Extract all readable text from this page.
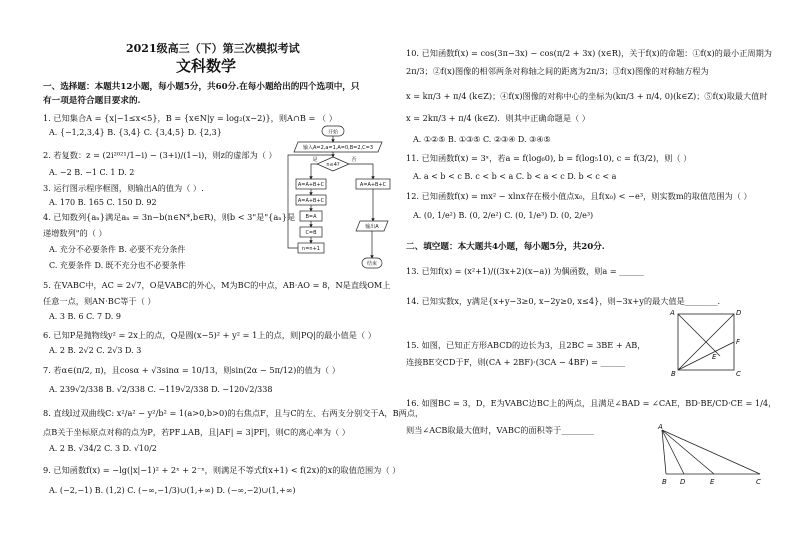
2021级高三（下）第三次模拟考试
文科数学
一、选择题：本题共12小题，每小题5分，共60分.在每小题给出的四个选项中，只
有一项是符合题目要求的.
1. 已知集合A = {x|−1≤x<5}，B = {x∈N|y = log₂(x−2)}，则A∩B = （ ）
A. {−1,2,3,4} B. {3,4} C. {3,4,5} D. {2,3}
2. 若复数：z = (2i²⁰²¹/1−i) − (3+i)/(1−i)，则z的虚部为（ ）
A. −2 B. −1 C. 1 D. 2
3. 运行图示程序框图，则输出A的值为（ ）.
A. 170 B. 165 C. 150 D. 92
4. 已知数列{aₙ}满足aₙ = 3n−b(n∈N*,b∈R)，则b < 3"是"{aₙ}是
递增数列"的（ ）
A. 充分不必要条件 B. 必要不充分条件
C. 充要条件 D. 既不充分也不必要条件
5. 在VABC中，AC = 2√7，O是VABC的外心，M为BC的中点，AB·AO = 8，N是直线OM上
任意一点，则AN·BC等于（ ）
A. 3 B. 6 C. 7 D. 9
6. 已知P是抛物线y² = 2x上的点，Q是圆(x−5)² + y² = 1上的点，则|PQ|的最小值是（ ）
A. 2 B. 2√2 C. 2√3 D. 3
7. 若α∈(π/2, π)，且cosα + √3sinα = 10/13，则sin(2α − 5π/12)的值为（ ）
A. 239√2/338 B. √2/338 C. −119√2/338 D. −120√2/338
8. 直线l过双曲线C: x²/a² − y²/b² = 1(a>0,b>0)的右焦点F，且与C的左、右两支分别交于A，B两点，
点B关于坐标原点对称的点为P，若PF⊥AB，且|AF| = 3|PF|，则C的离心率为（ ）
A. 2 B. √34/2 C. 3 D. √10/2
9. 已知函数f(x) = −lg(|x|−1)² + 2ˣ + 2⁻ˣ，则满足不等式f(x+1) < f(2x)的x的取值范围为（ ）
A. (−2,−1) B. (1,2) C. (−∞,−1/3)∪(1,+∞) D. (−∞,−2)∪(1,+∞)
10. 已知函数f(x) = cos(3π−3x) − cos(π/2 + 3x) (x∈R)，关于f(x)的命题：①f(x)的最小正周期为
2π/3；②f(x)图像的相邻两条对称轴之间的距离为2π/3；③f(x)图像的对称轴方程为
x = kπ/3 + π/4 (k∈Z)；④f(x)图像的对称中心的坐标为(kπ/3 + π/4, 0)(k∈Z)；⑤f(x)取最大值时
x = 2kπ/3 + π/4 (k∈Z)．则其中正确命题是（ ）
A. ①②⑤ B. ①③⑤ C. ②③④ D. ③④⑤
11. 已知函数f(x) = 3ˣ，若a = f(log₆0), b = f(log₅10), c = f(3/2)，则（ ）
A. a < b < c B. c < b < a C. b < a < c D. b < c < a
12. 已知函数f(x) = mx² − xlnx存在极小值点x₀，且f(x₀) < −e³，则实数m的取值范围为（ ）
A. (0, 1/e²) B. (0, 2/e²) C. (0, 1/e³) D. (0, 2/e³)
二、填空题：本大题共4小题，每小题5分，共20分.
13. 已知f(x) = (x²+1)/((3x+2)(x−a)) 为偶函数，则a = ______
14. 已知实数x，y满足{x+y−3≥0, x−2y≥0, x≤4}，则−3x+y的最大值是________.
15. 如图，已知正方形ABCD的边长为3，且2BC = 3BE + AB，
连接BE交CD于F，则(CA + 2BF)·(3CA − 4BF) = ______
16. 如图BC = 3，D，E为VABC边BC上的两点，且满足∠BAD = ∠CAE，BD·BE/CD·CE = 1/4，
则当∠ACB取最大值时，VABC的面积等于________
开始
输入A=2,a=1,A=0,B=2,C=3
n≤4?
是	否
A=A+B+C
A=A+B+C
B=A
C=B
n=n+1
A=A+B+C
输出A
结束
A
B	C
D
E
F
A
B D	E	C
